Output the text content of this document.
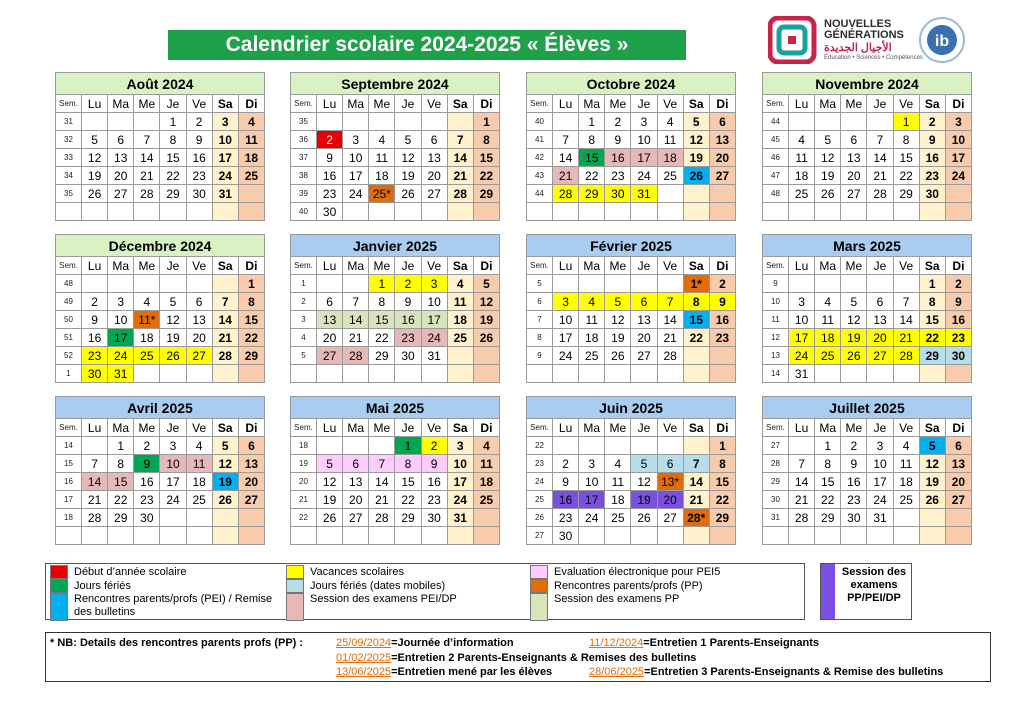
Calendrier scolaire 2024-2025 « Élèves »
NOUVELLES
GÉNÉRATIONS
الأجيال الجديدة
Éducation • Sciences • Compétences
ib
Août 2024
Sem.	Lu	Ma	Me	Je	Ve	Sa	Di
31				1	2	3	4
32	5	6	7	8	9	10	11
33	12	13	14	15	16	17	18
34	19	20	21	22	23	24	25
35	26	27	28	29	30	31	

Septembre 2024
Sem.	Lu	Ma	Me	Je	Ve	Sa	Di
35							1
36	2	3	4	5	6	7	8
37	9	10	11	12	13	14	15
38	16	17	18	19	20	21	22
39	23	24	25*	26	27	28	29
40	30						
Octobre 2024
Sem.	Lu	Ma	Me	Je	Ve	Sa	Di
40		1	2	3	4	5	6
41	7	8	9	10	11	12	13
42	14	15	16	17	18	19	20
43	21	22	23	24	25	26	27
44	28	29	30	31			

Novembre 2024
Sem.	Lu	Ma	Me	Je	Ve	Sa	Di
44					1	2	3
45	4	5	6	7	8	9	10
46	11	12	13	14	15	16	17
47	18	19	20	21	22	23	24
48	25	26	27	28	29	30	

Décembre 2024
Sem.	Lu	Ma	Me	Je	Ve	Sa	Di
48							1
49	2	3	4	5	6	7	8
50	9	10	11*	12	13	14	15
51	16	17	18	19	20	21	22
52	23	24	25	26	27	28	29
1	30	31					
Janvier 2025
Sem.	Lu	Ma	Me	Je	Ve	Sa	Di
1			1	2	3	4	5
2	6	7	8	9	10	11	12
3	13	14	15	16	17	18	19
4	20	21	22	23	24	25	26
5	27	28	29	30	31		

Février 2025
Sem.	Lu	Ma	Me	Je	Ve	Sa	Di
5						1*	2
6	3	4	5	6	7	8	9
7	10	11	12	13	14	15	16
8	17	18	19	20	21	22	23
9	24	25	26	27	28		

Mars 2025
Sem.	Lu	Ma	Me	Je	Ve	Sa	Di
9						1	2
10	3	4	5	6	7	8	9
11	10	11	12	13	14	15	16
12	17	18	19	20	21	22	23
13	24	25	26	27	28	29	30
14	31						
Avril 2025
Sem.	Lu	Ma	Me	Je	Ve	Sa	Di
14		1	2	3	4	5	6
15	7	8	9	10	11	12	13
16	14	15	16	17	18	19	20
17	21	22	23	24	25	26	27
18	28	29	30				

Mai 2025
Sem.	Lu	Ma	Me	Je	Ve	Sa	Di
18				1	2	3	4
19	5	6	7	8	9	10	11
20	12	13	14	15	16	17	18
21	19	20	21	22	23	24	25
22	26	27	28	29	30	31	

Juin 2025
Sem.	Lu	Ma	Me	Je	Ve	Sa	Di
22							1
23	2	3	4	5	6	7	8
24	9	10	11	12	13*	14	15
25	16	17	18	19	20	21	22
26	23	24	25	26	27	28*	29
27	30						
Juillet 2025
Sem.	Lu	Ma	Me	Je	Ve	Sa	Di
27		1	2	3	4	5	6
28	7	8	9	10	11	12	13
29	14	15	16	17	18	19	20
30	21	22	23	24	25	26	27
31	28	29	30	31			

Début d’année scolaire
Jours fériés
Rencontres parents/profs (PEI) / Remise des bulletins
Vacances scolaires
Jours fériés (dates mobiles)
Session des examens PEI/DP
Evaluation électronique pour PEI5
Rencontres parents/profs (PP)
Session des examens PP
Session des examens PP/PEI/DP
* NB: Details des rencontres parents profs (PP) :	25/09/2024=Journée d’information	11/12/2024=Entretien 1 Parents-Enseignants
01/02/2025=Entretien 2 Parents-Enseignants & Remises des bulletins
13/06/2025=Entretien mené par les élèves	28/06/2025=Entretien 3 Parents-Enseignants & Remise des bulletins
